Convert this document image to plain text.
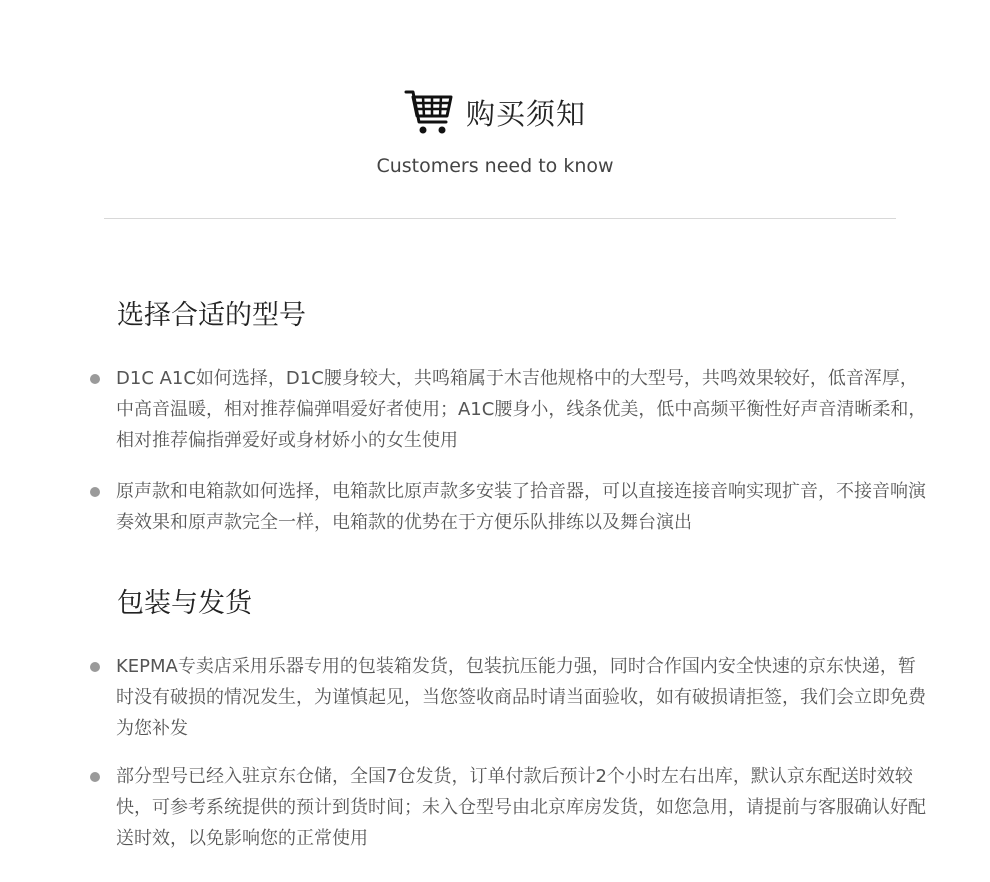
购买须知
Customers need to know
选择合适的型号
D1C A1C如何选择，D1C腰身较大，共鸣箱属于木吉他规格中的大型号，共鸣效果较好，低音浑厚，中高音温暖，相对推荐偏弹唱爱好者使用；A1C腰身小，线条优美，低中高频平衡性好声音清晰柔和，相对推荐偏指弹爱好或身材娇小的女生使用
原声款和电箱款如何选择，电箱款比原声款多安装了拾音器，可以直接连接音响实现扩音，不接音响演奏效果和原声款完全一样，电箱款的优势在于方便乐队排练以及舞台演出
包装与发货
KEPMA专卖店采用乐器专用的包装箱发货，包装抗压能力强，同时合作国内安全快速的京东快递，暂时没有破损的情况发生，为谨慎起见，当您签收商品时请当面验收，如有破损请拒签，我们会立即免费为您补发
部分型号已经入驻京东仓储，全国7仓发货，订单付款后预计2个小时左右出库，默认京东配送时效较快，可参考系统提供的预计到货时间；未入仓型号由北京库房发货，如您急用，请提前与客服确认好配送时效，以免影响您的正常使用
